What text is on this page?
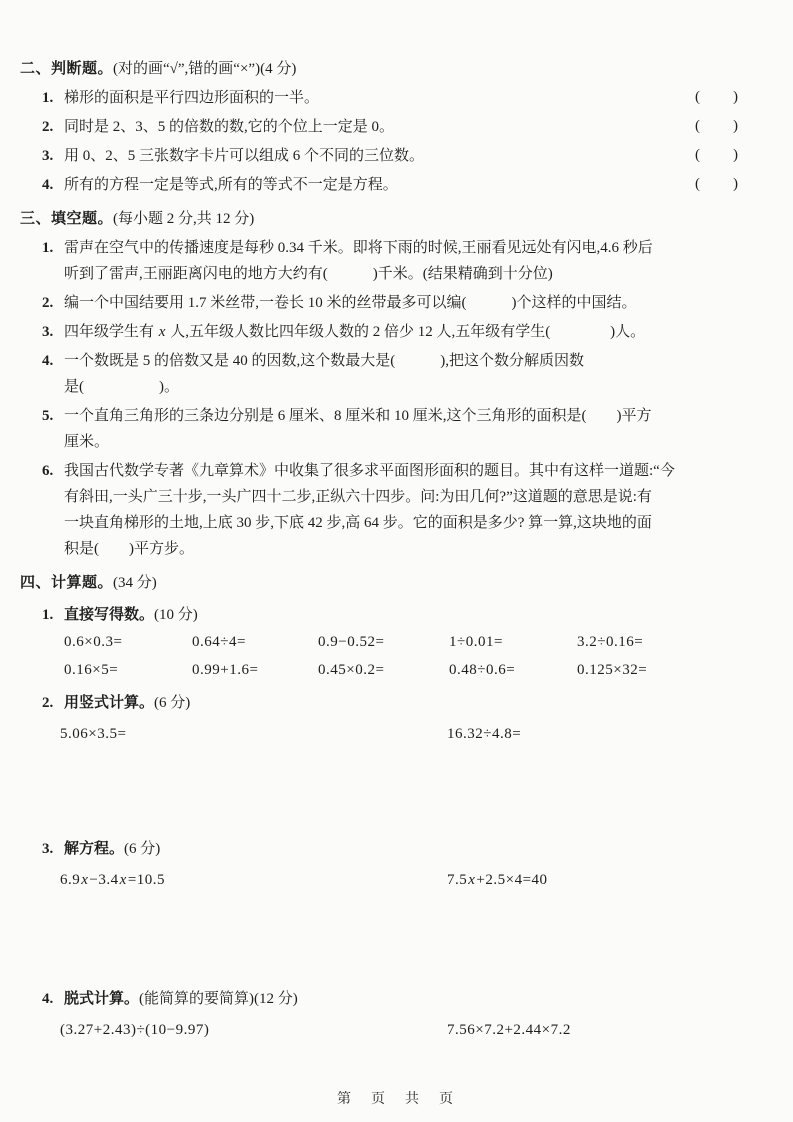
二、判断题。(对的画“√”,错的画“×”)(4 分)
1. 梯形的面积是平行四边形面积的一半。	(　　)
2. 同时是 2、3、5 的倍数的数,它的个位上一定是 0。	(　　)
3. 用 0、2、5 三张数字卡片可以组成 6 个不同的三位数。	(　　)
4. 所有的方程一定是等式,所有的等式不一定是方程。	(　　)
三、填空题。(每小题 2 分,共 12 分)
1. 雷声在空气中的传播速度是每秒 0.34 千米。即将下雨的时候,王丽看见远处有闪电,4.6 秒后
听到了雷声,王丽距离闪电的地方大约有(　　　)千米。(结果精确到十分位)
2. 编一个中国结要用 1.7 米丝带,一卷长 10 米的丝带最多可以编(　　　)个这样的中国结。
3. 四年级学生有 x 人,五年级人数比四年级人数的 2 倍少 12 人,五年级有学生(　　　　)人。
4. 一个数既是 5 的倍数又是 40 的因数,这个数最大是(　　　),把这个数分解质因数
是(　　　　　)。
5. 一个直角三角形的三条边分别是 6 厘米、8 厘米和 10 厘米,这个三角形的面积是(　　)平方
厘米。
6. 我国古代数学专著《九章算术》中收集了很多求平面图形面积的题目。其中有这样一道题:“今
有斜田,一头广三十步,一头广四十二步,正纵六十四步。问:为田几何?”这道题的意思是说:有
一块直角梯形的土地,上底 30 步,下底 42 步,高 64 步。它的面积是多少? 算一算,这块地的面
积是(　　)平方步。
四、计算题。(34 分)
1. 直接写得数。(10 分)
0.6×0.3=	0.64÷4=	0.9−0.52=	1÷0.01=	3.2÷0.16=
0.16×5=	0.99+1.6=	0.45×0.2=	0.48÷0.6=	0.125×32=
2. 用竖式计算。(6 分)
5.06×3.5=	16.32÷4.8=
3. 解方程。(6 分)
6.9x−3.4x=10.5	7.5x+2.5×4=40
4. 脱式计算。(能简算的要简算)(12 分)
(3.27+2.43)÷(10−9.97)	7.56×7.2+2.44×7.2
第　页　共　页
